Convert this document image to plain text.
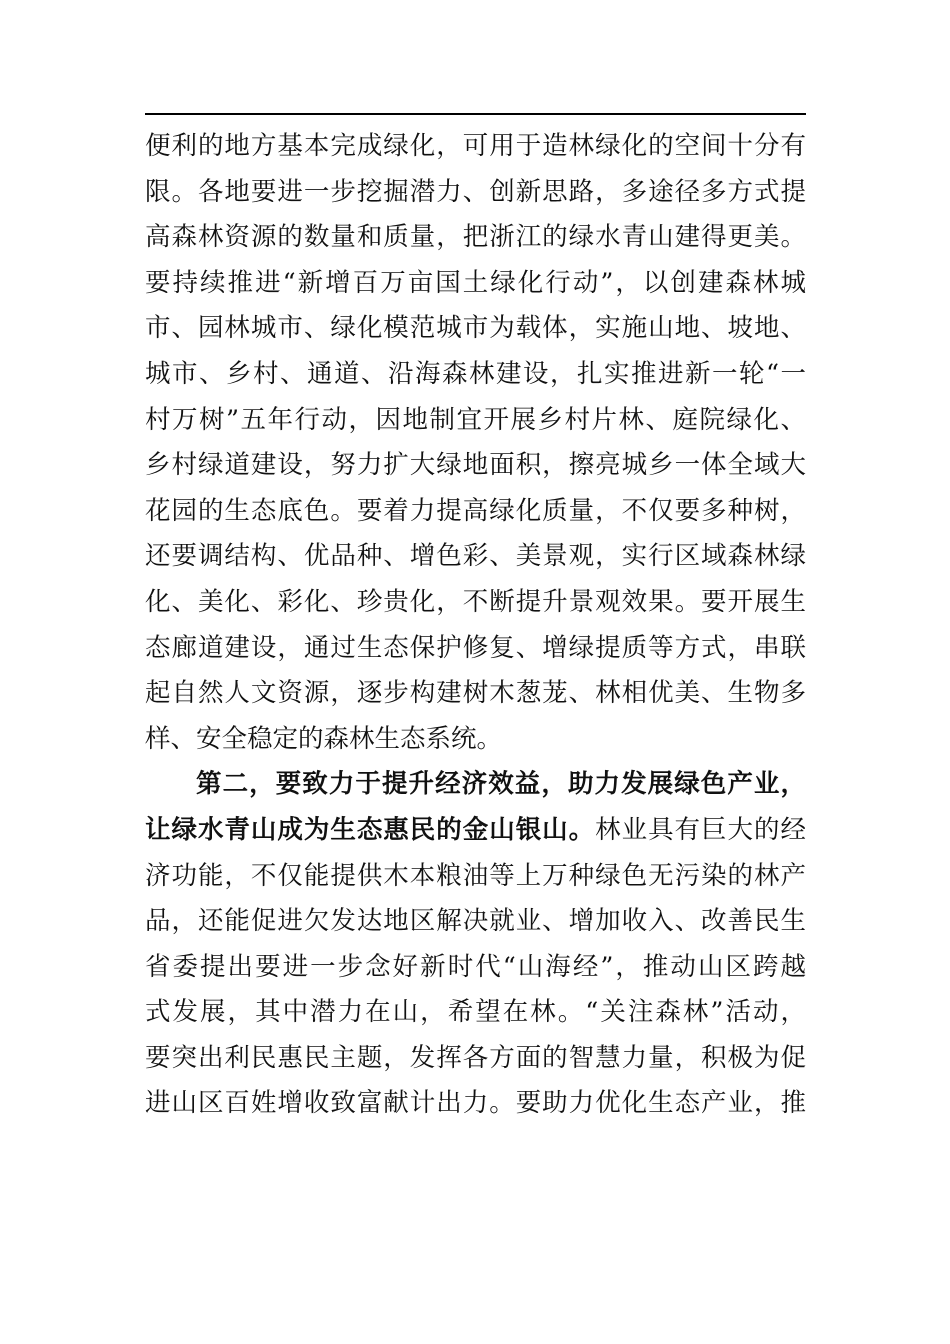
便利的地方基本完成绿化，可用于造林绿化的空间十分有
限。各地要进一步挖掘潜力、创新思路，多途径多方式提
高森林资源的数量和质量，把浙江的绿水青山建得更美。
要持续推进“新增百万亩国土绿化行动”，以创建森林城
市、园林城市、绿化模范城市为载体，实施山地、坡地、
城市、乡村、通道、沿海森林建设，扎实推进新一轮“一
村万树”五年行动，因地制宜开展乡村片林、庭院绿化、
乡村绿道建设，努力扩大绿地面积，擦亮城乡一体全域大
花园的生态底色。要着力提高绿化质量，不仅要多种树，
还要调结构、优品种、增色彩、美景观，实行区域森林绿
化、美化、彩化、珍贵化，不断提升景观效果。要开展生
态廊道建设，通过生态保护修复、增绿提质等方式，串联
起自然人文资源，逐步构建树木葱茏、林相优美、生物多
样、安全稳定的森林生态系统。
第二，要致力于提升经济效益，助力发展绿色产业，
让绿水青山成为生态惠民的金山银山。林业具有巨大的经
济功能，不仅能提供木本粮油等上万种绿色无污染的林产
品，还能促进欠发达地区解决就业、增加收入、改善民生
省委提出要进一步念好新时代“山海经”，推动山区跨越
式发展，其中潜力在山，希望在林。“关注森林”活动，
要突出利民惠民主题，发挥各方面的智慧力量，积极为促
进山区百姓增收致富献计出力。要助力优化生态产业，推
